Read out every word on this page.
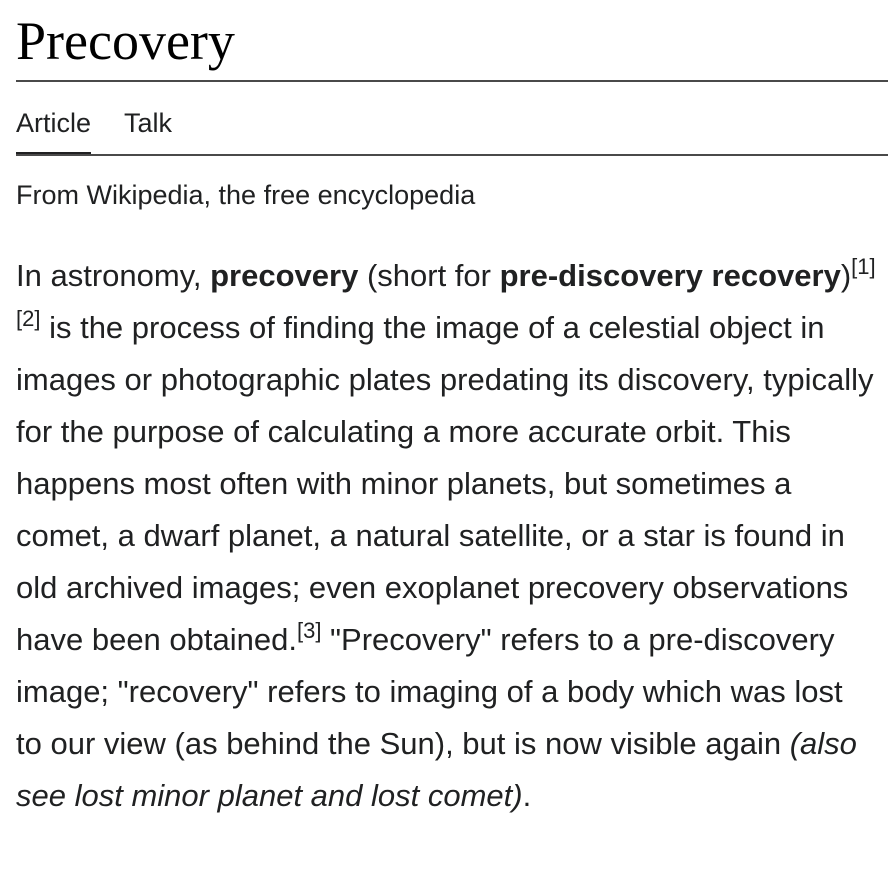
Precovery
Article Talk
From Wikipedia, the free encyclopedia

In astronomy, precovery (short for pre-discovery recovery)[1][2] is the process of finding the image of a celestial object in images or photographic plates predating its discovery, typically for the purpose of calculating a more accurate orbit. This happens most often with minor planets, but sometimes a comet, a dwarf planet, a natural satellite, or a star is found in old archived images; even exoplanet precovery observations have been obtained.[3] "Precovery" refers to a pre-discovery image; "recovery" refers to imaging of a body which was lost to our view (as behind the Sun), but is now visible again (also see lost minor planet and lost comet).
